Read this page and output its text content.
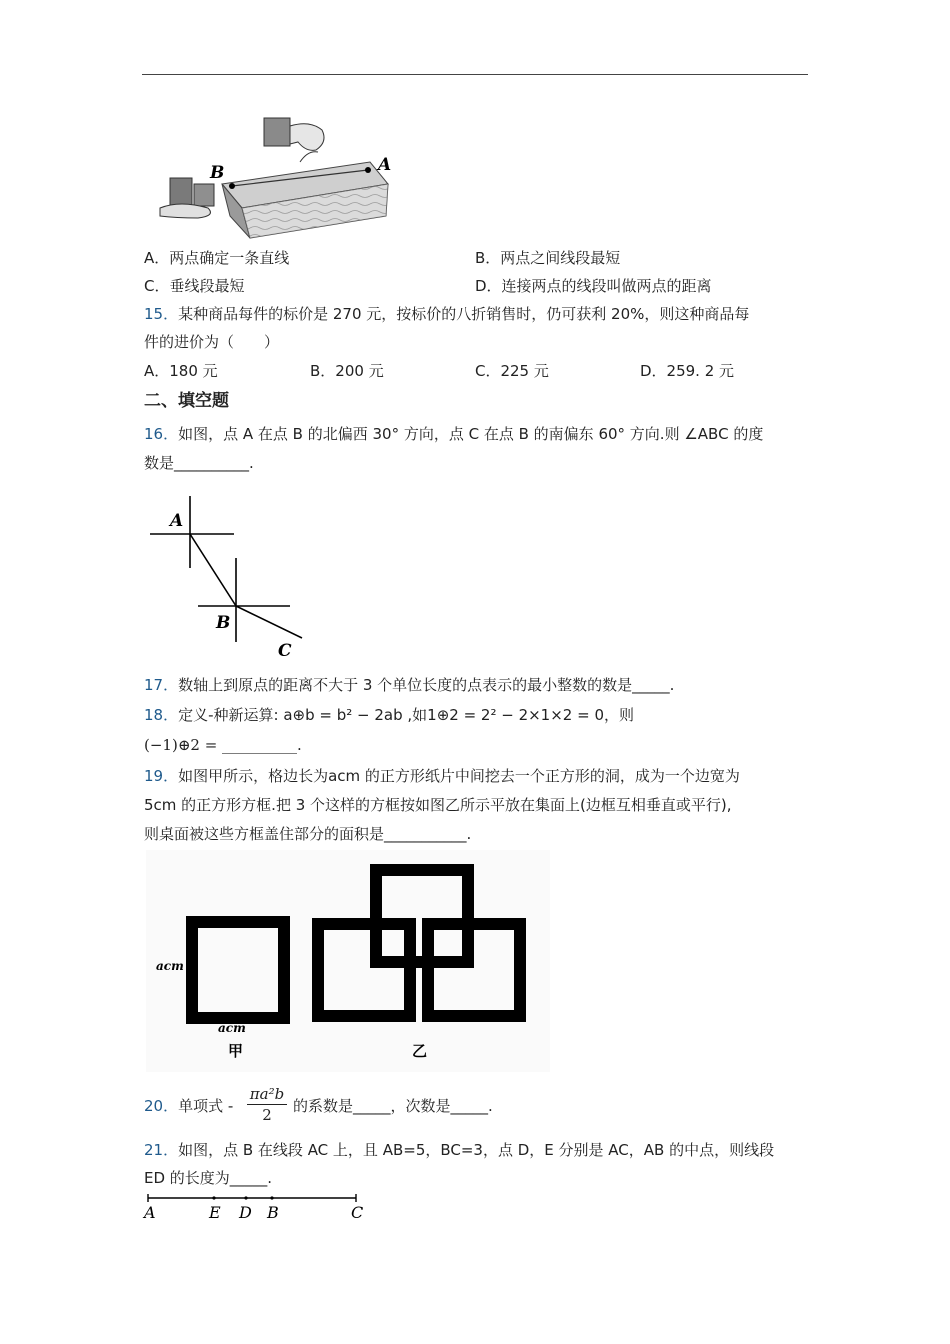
B	A
A．两点确定一条直线	B．两点之间线段最短
C．垂线段最短	D．连接两点的线段叫做两点的距离
15．某种商品每件的标价是 270 元，按标价的八折销售时，仍可获利 20%，则这种商品每
件的进价为（　　）
A．180 元	B．200 元	C．225 元	D．259. 2 元
二、填空题
16．如图，点 A 在点 B 的北偏西 30° 方向，点 C 在点 B 的南偏东 60° 方向.则 ∠ABC 的度
数是__________.
A
B
C
17．数轴上到原点的距离不大于 3 个单位长度的点表示的最小整数的数是_____.
18．定义-种新运算: a⊕b = b² − 2ab ,如1⊕2 = 2² − 2×1×2 = 0，则
(−1)⊕2 = __________.
19．如图甲所示，格边长为acm 的正方形纸片中间挖去一个正方形的洞，成为一个边宽为
5cm 的正方形方框.把 3 个这样的方框按如图乙所示平放在集面上(边框互相垂直或平行),
则桌面被这些方框盖住部分的面积是___________.
5cm
acm
acm
甲	乙
20．单项式 - $\frac{\text{πa²b}}{2}$ 的系数是_____，次数是_____.
21．如图，点 B 在线段 AC 上，且 AB=5，BC=3，点 D，E 分别是 AC，AB 的中点，则线段
ED 的长度为_____.
A	E D B	C
